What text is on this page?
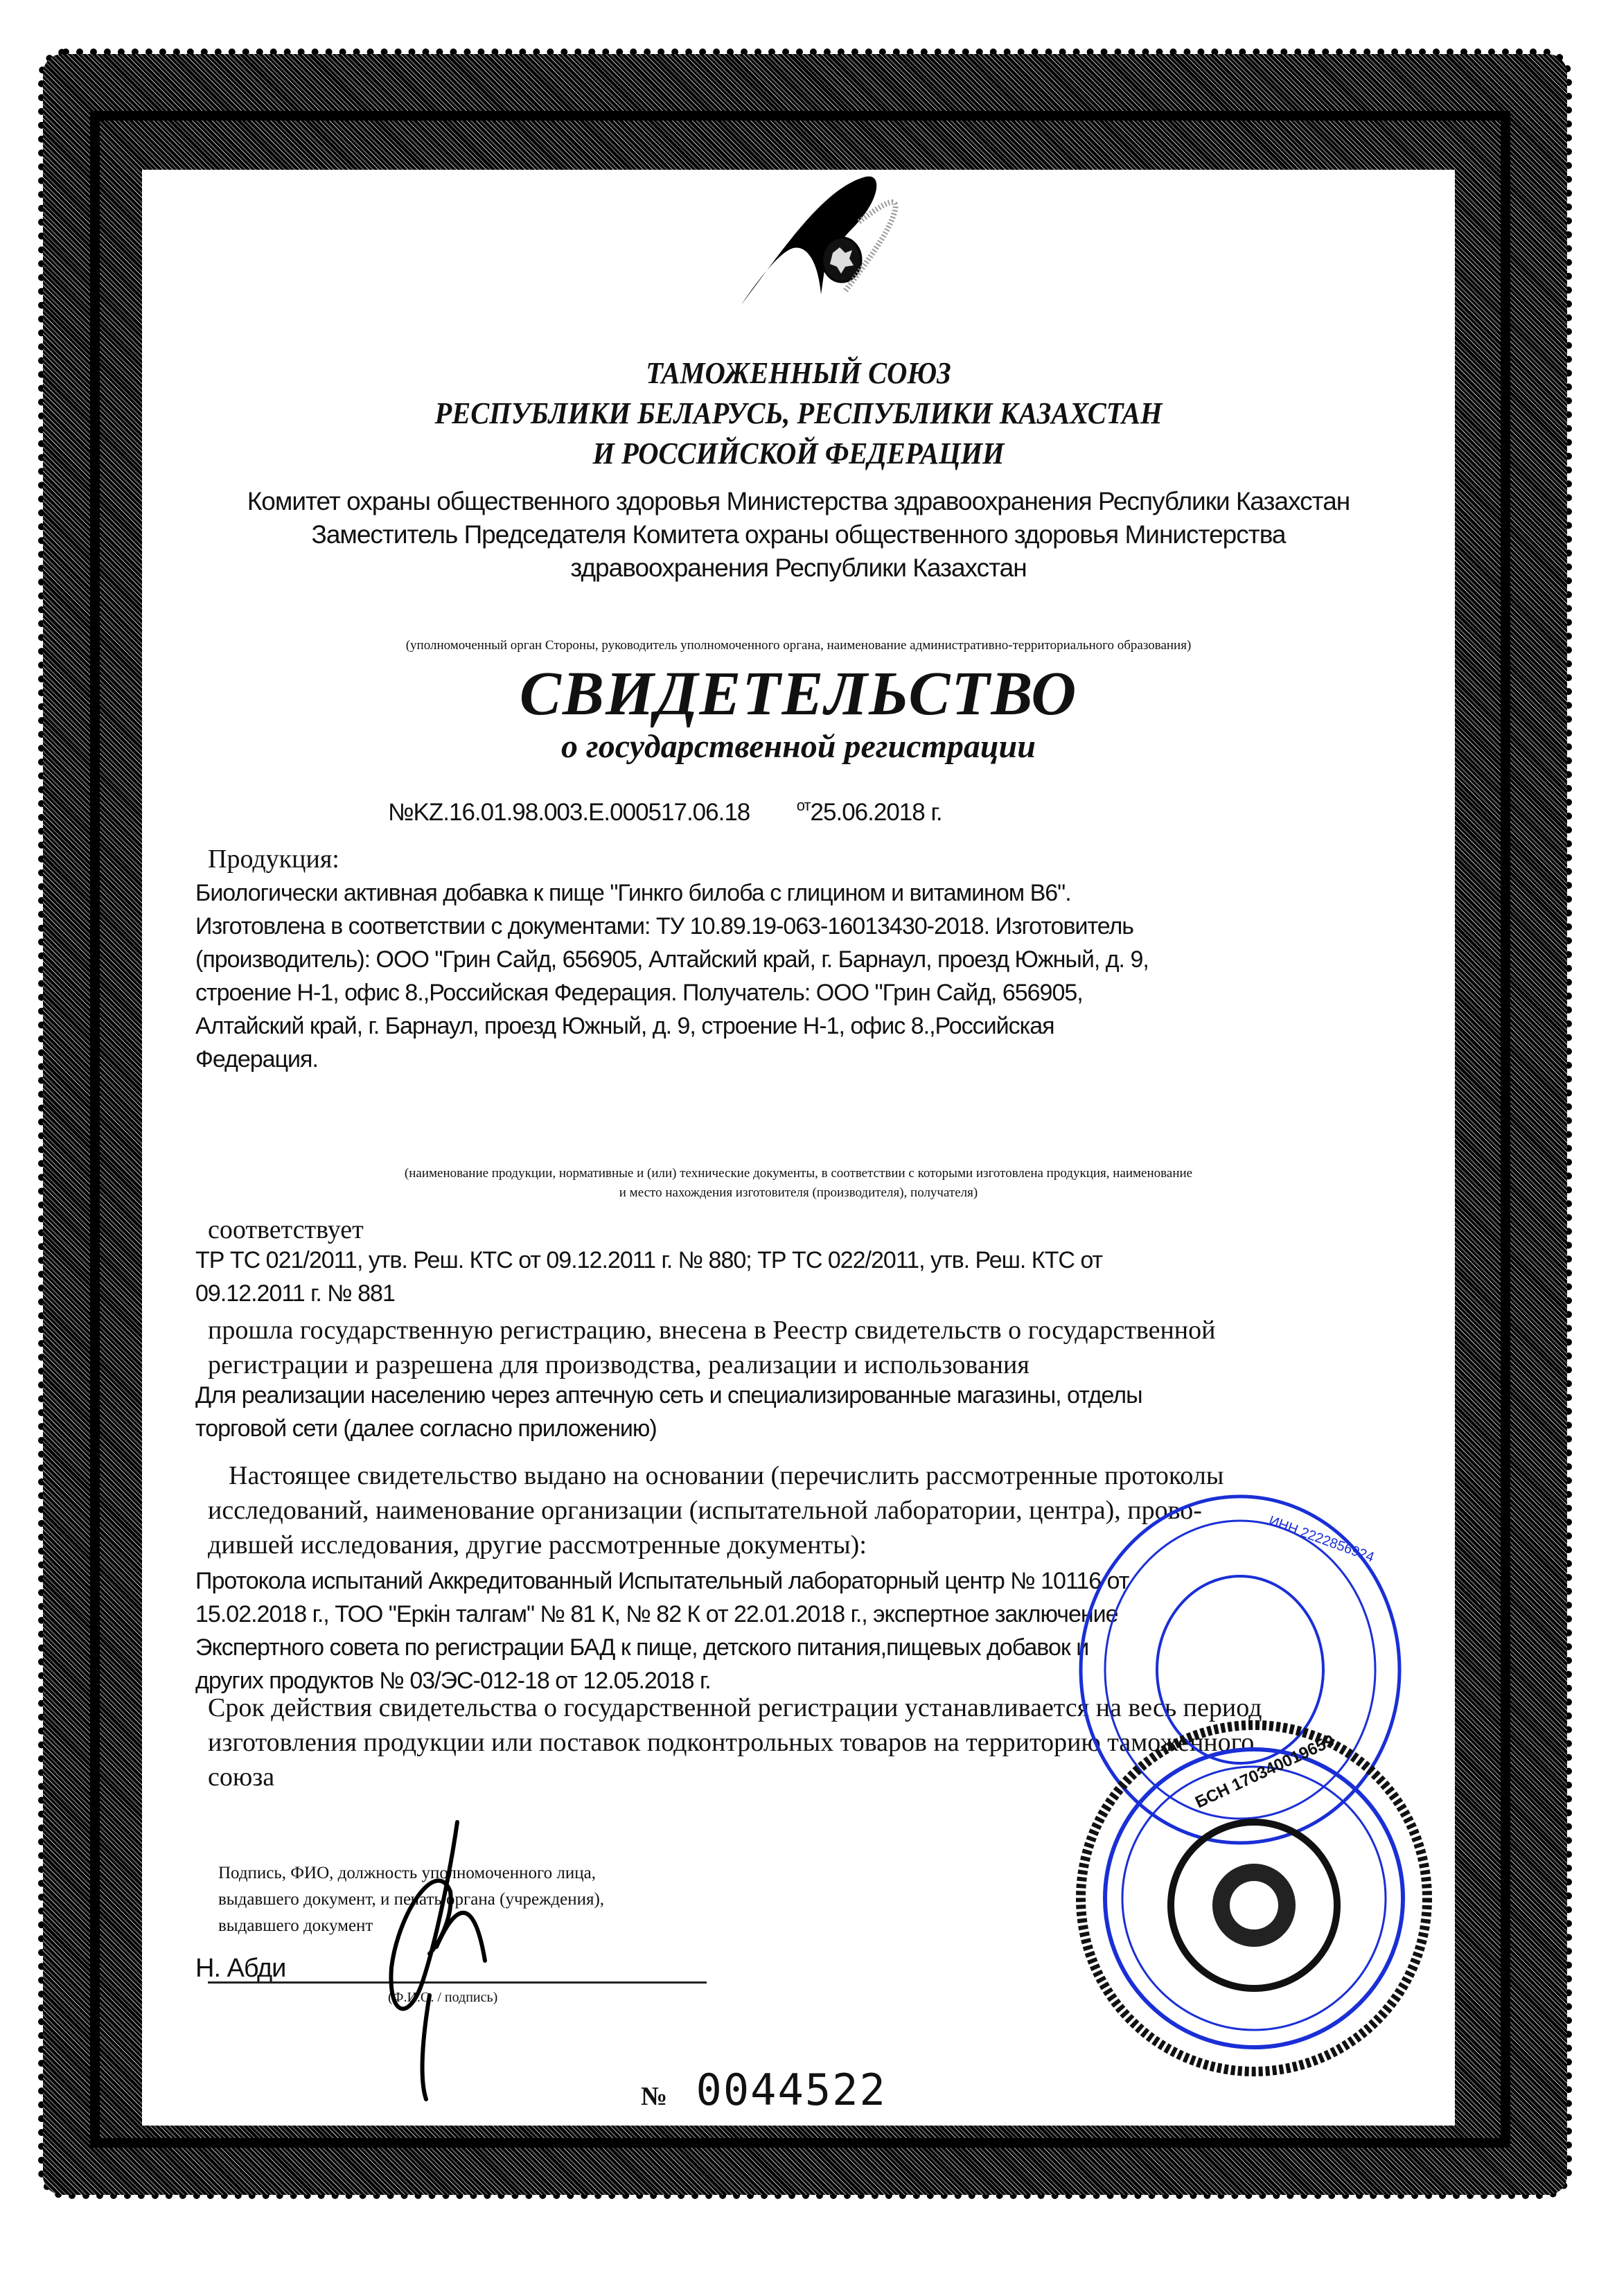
ТАМОЖЕННЫЙ СОЮЗ
РЕСПУБЛИКИ БЕЛАРУСЬ, РЕСПУБЛИКИ КАЗАХСТАН
И РОССИЙСКОЙ ФЕДЕРАЦИИ
Комитет охраны общественного здоровья Министерства здравоохранения Республики Казахстан
Заместитель Председателя Комитета охраны общественного здоровья Министерства
здравоохранения Республики Казахстан
(уполномоченный орган Стороны, руководитель уполномоченного органа, наименование административно-территориального образования)
СВИДЕТЕЛЬСТВО
о государственной регистрации
№KZ.16.01.98.003.E.000517.06.18	$^{от}$25.06.2018 г.
Продукция:
Биологически активная добавка к пище "Гинкго билоба с глицином и витамином В6".
Изготовлена в соответствии с документами: ТУ 10.89.19-063-16013430-2018. Изготовитель
(производитель): ООО "Грин Сайд, 656905, Алтайский край, г. Барнаул, проезд Южный, д. 9,
строение Н-1, офис 8.,Российская Федерация. Получатель: ООО "Грин Сайд, 656905,
Алтайский край, г. Барнаул, проезд Южный, д. 9, строение Н-1, офис 8.,Российская
Федерация.
(наименование продукции, нормативные и (или) технические документы, в соответствии с которыми изготовлена продукция, наименование
и место нахождения изготовителя (производителя), получателя)
соответствует
ТР ТС 021/2011, утв. Реш. КТС от 09.12.2011 г. № 880; ТР ТС 022/2011, утв. Реш. КТС от
09.12.2011 г. № 881
прошла государственную регистрацию, внесена в Реестр свидетельств о государственной
регистрации и разрешена для производства, реализации и использования
Для реализации населению через аптечную сеть и специализированные магазины, отделы
торговой сети (далее согласно приложению)
Настоящее свидетельство выдано на основании (перечислить рассмотренные протоколы
исследований, наименование организации (испытательной лаборатории, центра), прово-
дившей исследования, другие рассмотренные документы):
Протокола испытаний Аккредитованный Испытательный лабораторный центр № 10116 от
15.02.2018 г., ТОО "Еркін талгам" № 81 К, № 82 К от 22.01.2018 г., экспертное заключение
Экспертного совета по регистрации БАД к пище, детского питания,пищевых добавок и
других продуктов № 03/ЭС-012-18 от 12.05.2018 г.
Срок действия свидетельства о государственной регистрации устанавливается на весь период
изготовления продукции или поставок подконтрольных товаров на территорию таможенного
союза
Подпись, ФИО, должность уполномоченного лица,
выдавшего документ, и печать органа (учреждения),
выдавшего документ
Н. Абди
(Ф.И.О. / подпись)
№ 0044522
ИНН 2222856924
БСН 170340019659
